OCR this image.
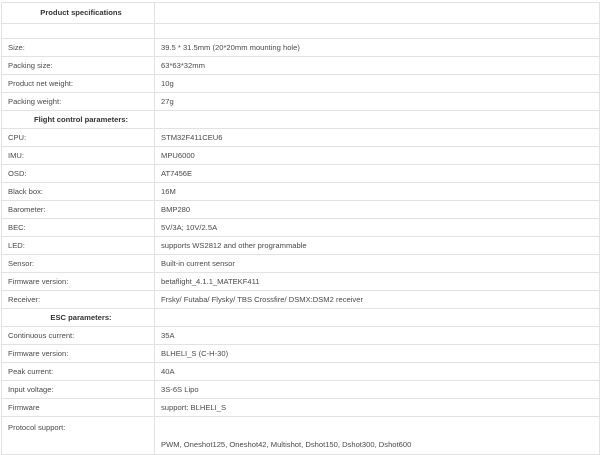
Product specifications	

Size:	39.5 * 31.5mm (20*20mm mounting hole)
Packing size:	63*63*32mm
Product net weight:	10g
Packing weight:	27g
Flight control parameters:	
CPU:	STM32F411CEU6
IMU:	MPU6000
OSD:	AT7456E
Black box:	16M
Barometer:	BMP280
BEC:	5V/3A; 10V/2.5A
LED:	supports WS2812 and other programmable
Sensor:	Built-in current sensor
Firmware version:	betaflight_4.1.1_MATEKF411
Receiver:	Frsky/ Futaba/ Flysky/ TBS Crossfire/ DSMX:DSM2 receiver
ESC parameters:	
Continuous current:	35A
Firmware version:	BLHELI_S (C-H-30)
Peak current:	40A
Input voltage:	3S-6S Lipo
Firmware	support: BLHELI_S
Protocol support:	PWM, Oneshot125, Oneshot42, Multishot, Dshot150, Dshot300, Dshot600
